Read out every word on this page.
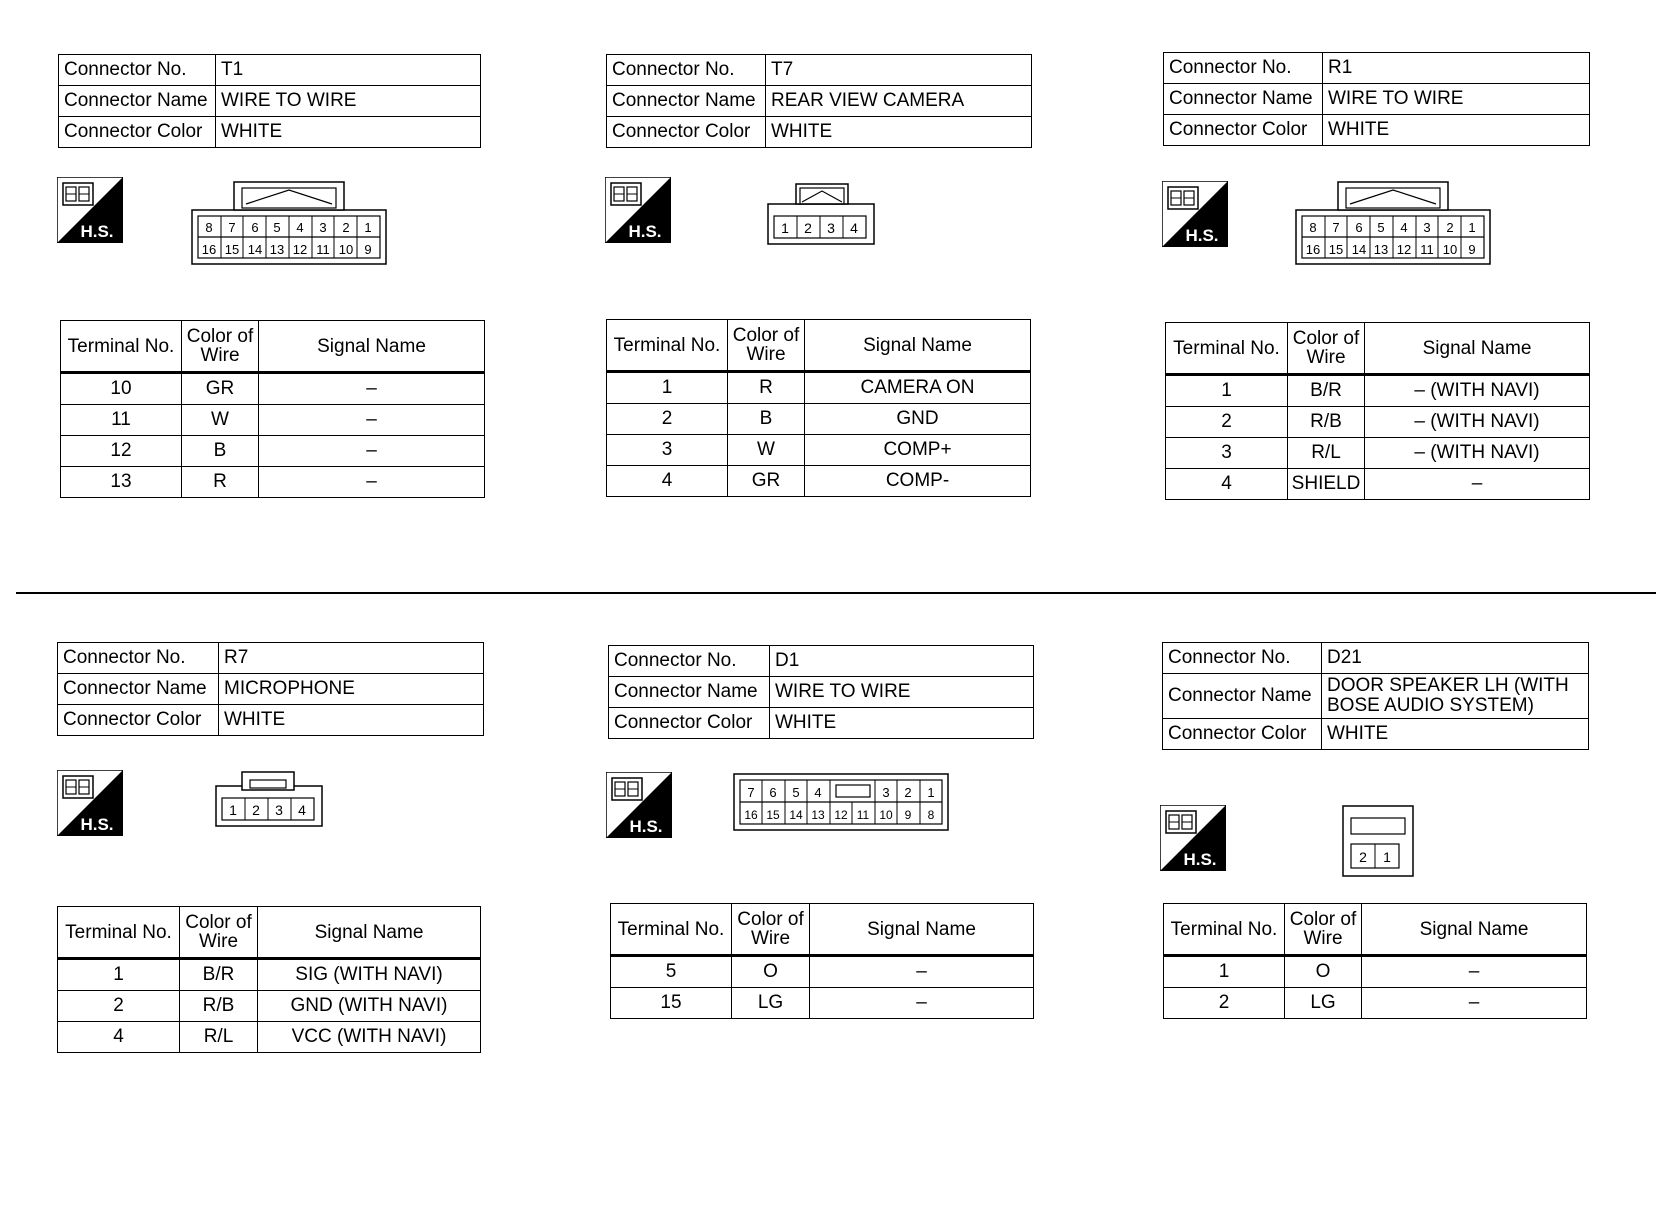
Connector No.	T1
Connector Name	WIRE TO WIRE
Connector Color	WHITE
H.S.	8 7 6 5 4 3 2 1
16 15 14 13 12 11 10 9
Terminal No.	Color of Wire	Signal Name
10	GR	–
11	W	–
12	B	–
13	R	–
Connector No.	T7
Connector Name	REAR VIEW CAMERA
Connector Color	WHITE
H.S.	1 2 3 4
Terminal No.	Color of Wire	Signal Name
1	R	CAMERA ON
2	B	GND
3	W	COMP+
4	GR	COMP-
Connector No.	R1
Connector Name	WIRE TO WIRE
Connector Color	WHITE
H.S.	8 7 6 5 4 3 2 1
16 15 14 13 12 11 10 9
Terminal No.	Color of Wire	Signal Name
1	B/R	– (WITH NAVI)
2	R/B	– (WITH NAVI)
3	R/L	– (WITH NAVI)
4	SHIELD	–
Connector No.	R7
Connector Name	MICROPHONE
Connector Color	WHITE
H.S.
1 2 3 4
Terminal No.	Color of Wire	Signal Name
1	B/R	SIG (WITH NAVI)
2	R/B	GND (WITH NAVI)
4	R/L	VCC (WITH NAVI)
Connector No.	D1
Connector Name	WIRE TO WIRE
Connector Color	WHITE
H.S.
7 6 5 4	3 2 1
16 15 14 13 12 11 10 9 8
Terminal No.	Color of Wire	Signal Name
5	O	–
15	LG	–
Connector No.	D21
Connector Name	DOOR SPEAKER LH (WITH BOSE AUDIO SYSTEM)
Connector Color	WHITE
H.S.	2 1
Terminal No.	Color of Wire	Signal Name
1	O	–
2	LG	–
